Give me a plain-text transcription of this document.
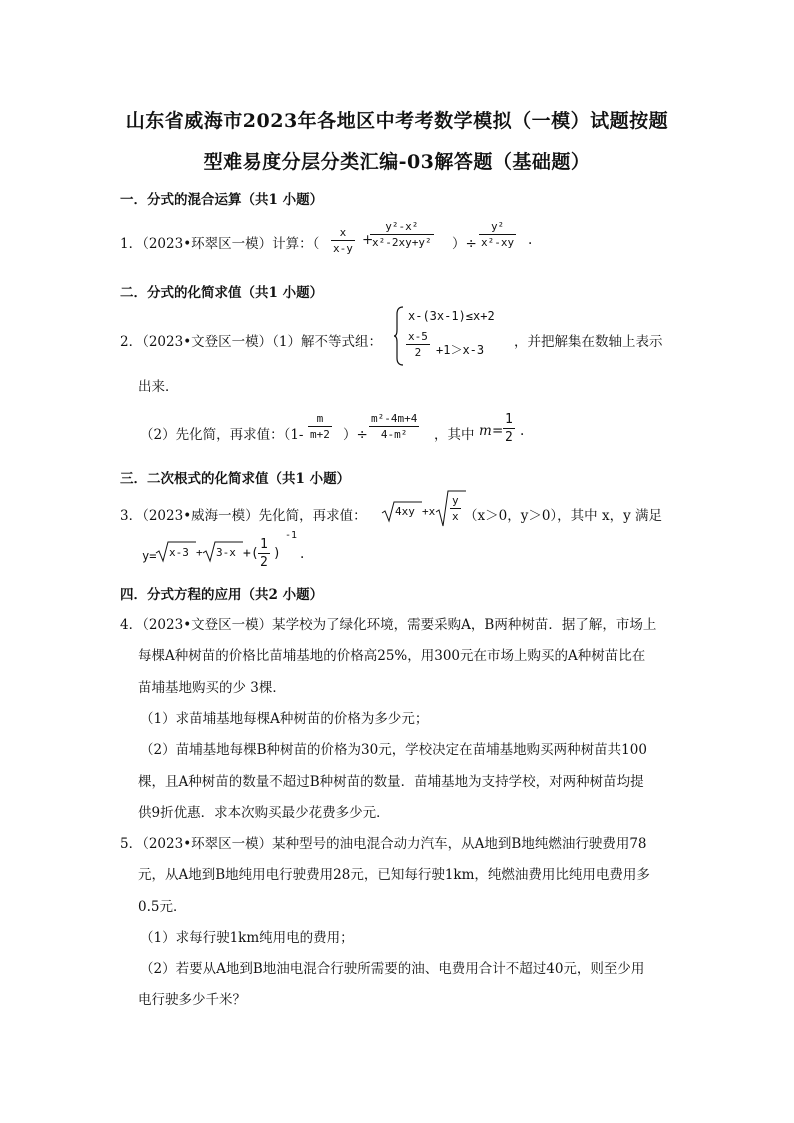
山东省威海市2023年各地区中考考数学模拟（一模）试题按题
型难易度分层分类汇编-03解答题（基础题）
一．分式的混合运算（共1 小题）
1．（2023•环翠区一模）计算：（ $\frac{x}{x-y}$ +
$\frac{\text{y²-x²}}{\text{x²-2xy+y²}}$ ）÷ $\frac{\text{y²}}{\text{x²-xy}}$ .
二．分式的化简求值（共1 小题）
2．（2023•文登区一模）（1）解不等式组：
x-(3x-1)≤x+2
$\frac{x-5}{2} +1>x-3$ ，并把解集在数轴上表示
出来．
（2）先化简，再求值：（$1- \frac{m}{m+2}$ ）÷ $\frac{\text{m²-4m+4}}{\text{4-m²}}$ ，其中 $m = \frac{1}{2}$ .
三．二次根式的化简求值（共1 小题）
3．（2023•威海一模）先化简，再求值：	$4xy +x \frac{y}{x} (x>0$，y＞0），其中 x，y 满足
y= x-3 + 3-x +( $\frac{1}{2}$ )
-1
.
四．分式方程的应用（共2 小题）
4．（2023•文登区一模）某学校为了绿化环境，需要采购A，B两种树苗．据了解，市场上
每棵A种树苗的价格比苗埔基地的价格高25%，用300元在市场上购买的A种树苗比在
苗埔基地购买的少 3棵．
（1）求苗埔基地每棵A种树苗的价格为多少元；
（2）苗埔基地每棵B种树苗的价格为30元，学校决定在苗埔基地购买两种树苗共100
棵，且A种树苗的数量不超过B种树苗的数量．苗埔基地为支持学校，对两种树苗均提
供9折优惠．求本次购买最少花费多少元．
5．（2023•环翠区一模）某种型号的油电混合动力汽车，从A地到B地纯燃油行驶费用78
元，从A地到B地纯用电行驶费用28元，已知每行驶1km，纯燃油费用比纯用电费用多
0.5元．
（1）求每行驶1km纯用电的费用；
（2）若要从A地到B地油电混合行驶所需要的油、电费用合计不超过40元，则至少用
电行驶多少千米？
